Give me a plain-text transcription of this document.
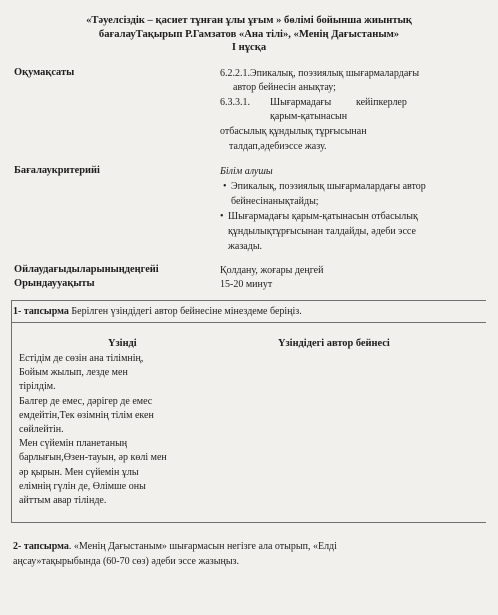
«Тәуелсіздік – қасиет тұнған ұлы ұғым » бөлімі бойынша жиынтық
бағалауТақырып Р.Гамзатов «Ана тілі», «Менің Дағыстаным»
I нұсқа
Оқумақсаты	6.2.2.1.Эпикалық, поэзиялық шығармалардағы
автор бейнесін анықтау;
6.3.3.1. Шығармадағы кейіпкерлер
қарым-қатынасын
отбасылық құндылық тұрғысынан
талдап,әдебиэссе жазу.
Бағалаукритерийі	Білім алушы
• Эпикалық, поэзиялық шығармалардағы автор
бейнесінанықтайды;
• Шығармадағы қарым-қатынасын отбасылық
құндылықтұрғысынан талдайды, әдеби эссе
жазады.
Ойлаудағыдыларыныңдеңгейі	Қолдану, жоғары деңгей
Орындаууақыты	15-20 минут
1- тапсырма Берілген үзіндідегі автор бейнесіне мінездеме беріңіз.
Үзінді	Үзіндідегі автор бейнесі
Естідім де сөзін ана тілімнің,
Бойым жылып, лезде мен
тірілдім.
Балгер де емес, дәрігер де емес
емдейтін,Тек өзімнің тілім екен
сөйлейтін.
Мен сүйемін планетаның
барлығын,Өзен-тауын, әр көлі мен
әр қырын. Мен сүйемін ұлы
елімнің гүлін де, Өлімше оны
айттым авар тілінде.
2- тапсырма. «Менің Дағыстаным» шығармасын негізге ала отырып, «Елді
аңсау»тақырыбында (60-70 сөз) әдеби эссе жазыңыз.
